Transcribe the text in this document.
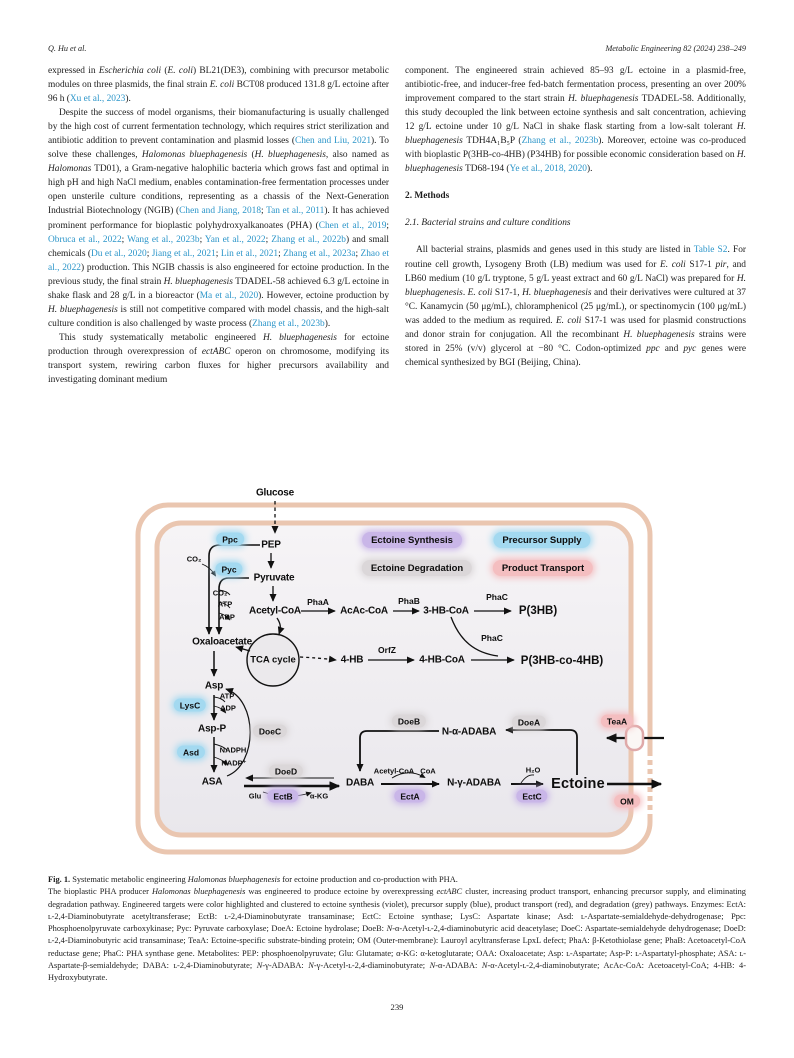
Q. Hu et al.	Metabolic Engineering 82 (2024) 238–249

expressed in Escherichia coli (E. coli) BL21(DE3), combining with precursor metabolic modules on three plasmids, the final strain E. coli BCT08 produced 131.8 g/L ectoine after 96 h (Xu et al., 2023).

Despite the success of model organisms, their biomanufacturing is usually challenged by the high cost of current fermentation technology, which requires strict sterilization and antibiotic addition to prevent contamination and plasmid losses (Chen and Liu, 2021). To solve these challenges, Halomonas bluephagenesis (H. bluephagenesis, also named as Halomonas TD01), a Gram-negative halophilic bacteria which grows fast and optimal in high pH and high NaCl medium, enables contamination-free fermentation processes under open unsterile culture conditions, representing as a chassis of the Next-Generation Industrial Biotechnology (NGIB) (Chen and Jiang, 2018; Tan et al., 2011). It has achieved prominent performance for bioplastic polyhydroxyalkanoates (PHA) (Chen et al., 2019; Obruca et al., 2022; Wang et al., 2023b; Yan et al., 2022; Zhang et al., 2022b) and small chemicals (Du et al., 2020; Jiang et al., 2021; Lin et al., 2021; Zhang et al., 2023a; Zhao et al., 2022) production. This NGIB chassis is also engineered for ectoine production. In the previous study, the final strain H. bluephagenesis TDADEL-58 achieved 6.3 g/L ectoine in shake flask and 28 g/L in a bioreactor (Ma et al., 2020). However, ectoine production by H. bluephagenesis is still not competitive compared with model chassis, and the high-salt culture condition is also challenged by waste process (Zhang et al., 2023b).

This study systematically metabolic engineered H. bluephagenesis for ectoine production through overexpression of ectABC operon on chromosome, modifying its transport system, rewiring carbon fluxes for higher precursors availability and investigating dominant medium

component. The engineered strain achieved 85–93 g/L ectoine in a plasmid-free, antibiotic-free, and inducer-free fed-batch fermentation process, presenting an over 200% improvement compared to the start strain H. bluephagenesis TDADEL-58. Additionally, this study decoupled the link between ectoine synthesis and salt concentration, achieving 12 g/L ectoine under 10 g/L NaCl in shake flask starting from a low-salt tolerant H. bluephagenesis TDH4A₁B₅P (Zhang et al., 2023b). Moreover, ectoine was co-produced with bioplastic P(3HB-co-4HB) (P34HB) for possible economic consideration based on H. bluephagenesis TD68-194 (Ye et al., 2018, 2020).

2. Methods
2.1. Bacterial strains and culture conditions

All bacterial strains, plasmids and genes used in this study are listed in Table S2. For routine cell growth, Lysogeny Broth (LB) medium was used for E. coli S17-1 pir, and LB60 medium (10 g/L tryptone, 5 g/L yeast extract and 60 g/L NaCl) was prepared for H. bluephagenesis. E. coli S17-1, H. bluephagenesis and their derivatives were cultured at 37 °C. Kanamycin (50 μg/mL), chloramphenicol (25 μg/mL), or spectinomycin (100 μg/mL) was added to the medium as required. E. coli S17-1 was used for plasmid constructions and donor strain for conjugation. All the recombinant H. bluephagenesis strains were stored in 25% (v/v) glycerol at −80 °C. Codon-optimized ppc and pyc genes were chemical synthesized by BGI (Beijing, China).

Glucose
PEP
Pyruvate
Acetyl-CoA	AcAc-CoA	3-HB-CoA	P(3HB)
TCA cycle	4-HB	4-HB-CoA	P(3HB-co-4HB)
Oxaloacetate
Asp
Asp-P
ASA	DABA	N-γ-ADABA
N-α-ADABA
Ectoine
PhaA	PhaB	PhaC
PhaC
OrfZ
Ppc
Pyc
LysC
Asd
EctB	EctA	EctC
DoeA
DoeB
DoeC
DoeD
TeaA
OM
CO₂
CO₂
ATP
ADP
ATP
ADP
NADPH
NADP⁺
Glu	α-KG
Acetyl-CoA CoA	H₂O
Ectoine Synthesis
Ectoine Degradation
Precursor Supply
Product Transport

Fig. 1. Systematic metabolic engineering Halomonas bluephagenesis for ectoine production and co-production with PHA.

The bioplastic PHA producer Halomonas bluephagenesis was engineered to produce ectoine by overexpressing ectABC cluster, increasing product transport, enhancing precursor supply, and eliminating degradation pathway. Engineered targets were color highlighted and clustered to ectoine synthesis (violet), precursor supply (blue), product transport (red), and degradation (grey) pathways. Enzymes: EctA: ʟ-2,4-Diaminobutyrate acetyltransferase; EctB: ʟ-2,4-Diaminobutyrate transaminase; EctC: Ectoine synthase; LysC: Aspartate kinase; Asd: ʟ-Aspartate-semialdehyde-dehydrogenase; Ppc: Phosphoenolpyruvate carboxykinase; Pyc: Pyruvate carboxylase; DoeA: Ectoine hydrolase; DoeB: N-α-Acetyl-ʟ-2,4-diaminobutyric acid deacetylase; DoeC: Aspartate-semialdehyde dehydrogenase; DoeD: ʟ-2,4-Diaminobutyric acid transaminase; TeaA: Ectoine-specific substrate-binding protein; OM (Outer-membrane): Lauroyl acyltransferase LpxL defect; PhaA: β-Ketothiolase gene; PhaB: Acetoacetyl-CoA reductase gene; PhaC: PHA synthase gene. Metabolites: PEP: phosphoenolpyruvate; Glu: Glutamate; α-KG: α-ketoglutarate; OAA: Oxaloacetate; Asp: ʟ-Aspartate; Asp-P: ʟ-Aspartatyl-phosphate; ASA: ʟ-Aspartate-β-semialdehyde; DABA: ʟ-2,4-Diaminobutyrate; N-γ-ADABA: N-γ-Acetyl-ʟ-2,4-diaminobutyrate; N-α-ADABA: N-α-Acetyl-ʟ-2,4-diaminobutyrate; AcAc-CoA: Acetoacetyl-CoA; 4-HB: 4-Hydroxybutyrate.

239
